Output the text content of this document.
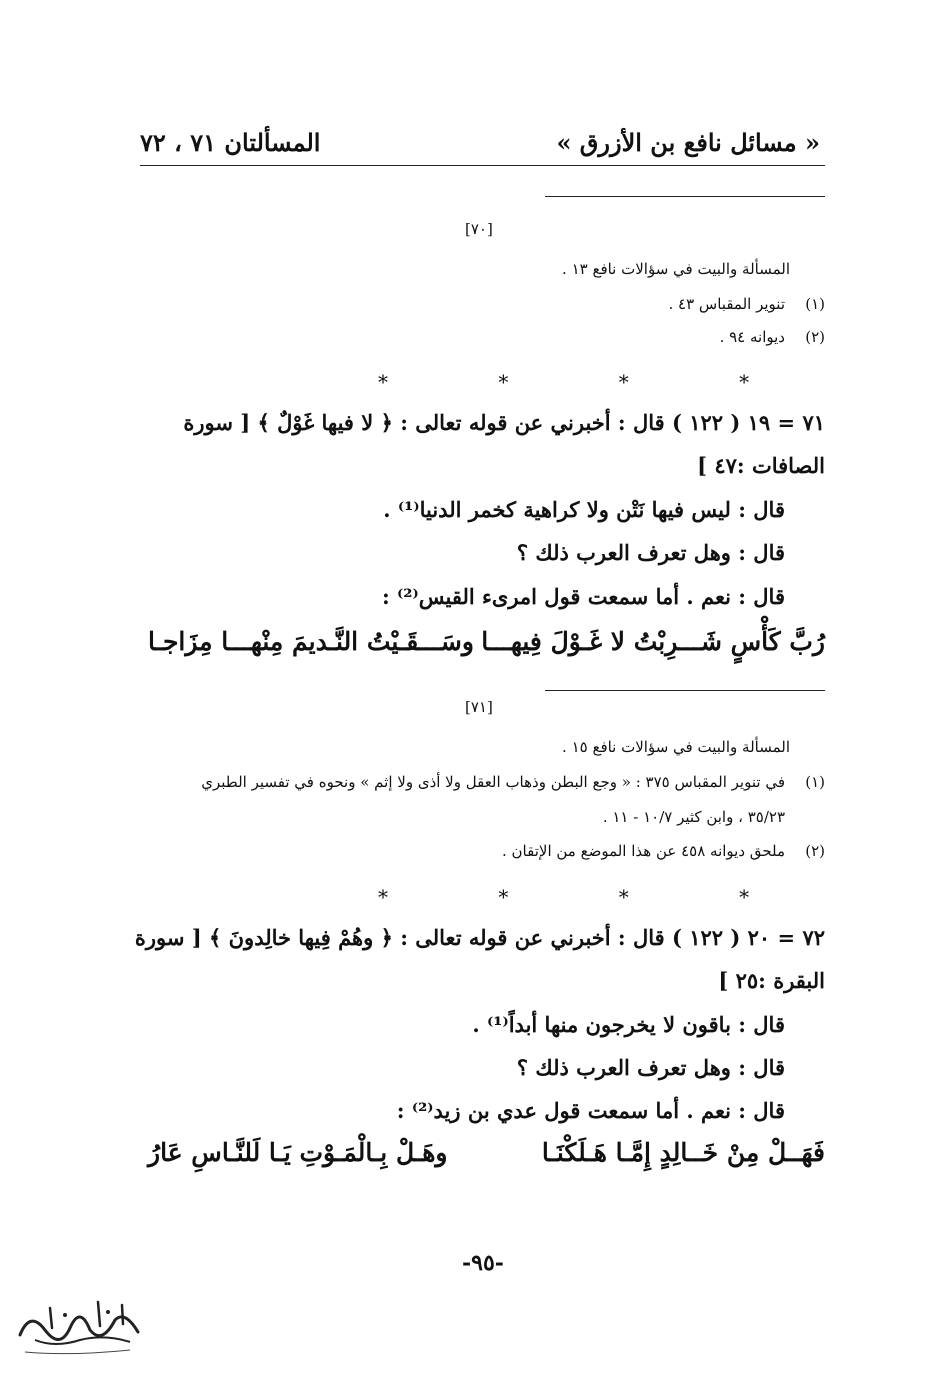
« مسائل نافع بن الأزرق »
المسألتان ٧١ ، ٧٢
[٧٠]
المسألة والبيت في سؤالات نافع ١٣ .
(١)تنوير المقباس ٤٣ .
(٢)ديوانه ٩٤ .
* * * *
٧١ = ١٩ ( ١٢٢ ) قال : أخبرني عن قوله تعالى : ﴿ لا فيها غَوْلٌ ﴾ [ سورة
الصافات :٤٧ ]
قال : ليس فيها نَتْن ولا كراهية كخمر الدنيا⁽¹⁾ .
قال : وهل تعرف العرب ذلك ؟
قال : نعم . أما سمعت قول امرىء القيس⁽²⁾ :
رُبَّ كَأْسٍ شَـــرِبْتُ لا غَـوْلَ فِيهـــا
وسَـــقَـيْتُ النَّـديمَ مِنْهـــا مِزَاجـا
[٧١]
المسألة والبيت في سؤالات نافع ١٥ .
(١)في تنوير المقباس ٣٧٥ : « وجع البطن وذهاب العقل ولا أذى ولا إثم » ونحوه في تفسير الطبري
٣٥/٢٣ ، وابن كثير ١٠/٧ - ١١ .
(٢)ملحق ديوانه ٤٥٨ عن هذا الموضع من الإتقان .
* * * *
٧٢ = ٢٠ ( ١٢٢ ) قال : أخبرني عن قوله تعالى : ﴿ وهُمْ فِيها خالِدونَ ﴾ [ سورة
البقرة :٢٥ ]
قال : باقون لا يخرجون منها أبداً⁽¹⁾ .
قال : وهل تعرف العرب ذلك ؟
قال : نعم . أما سمعت قول عدي بن زيد⁽²⁾ :
فَهَــلْ مِنْ خَــالِدٍ إِمَّـا هَـلَكْنَـا
وهَـلْ بِـالْمَـوْتِ يَـا لَلنَّـاسِ عَارُ
-٩٥-
